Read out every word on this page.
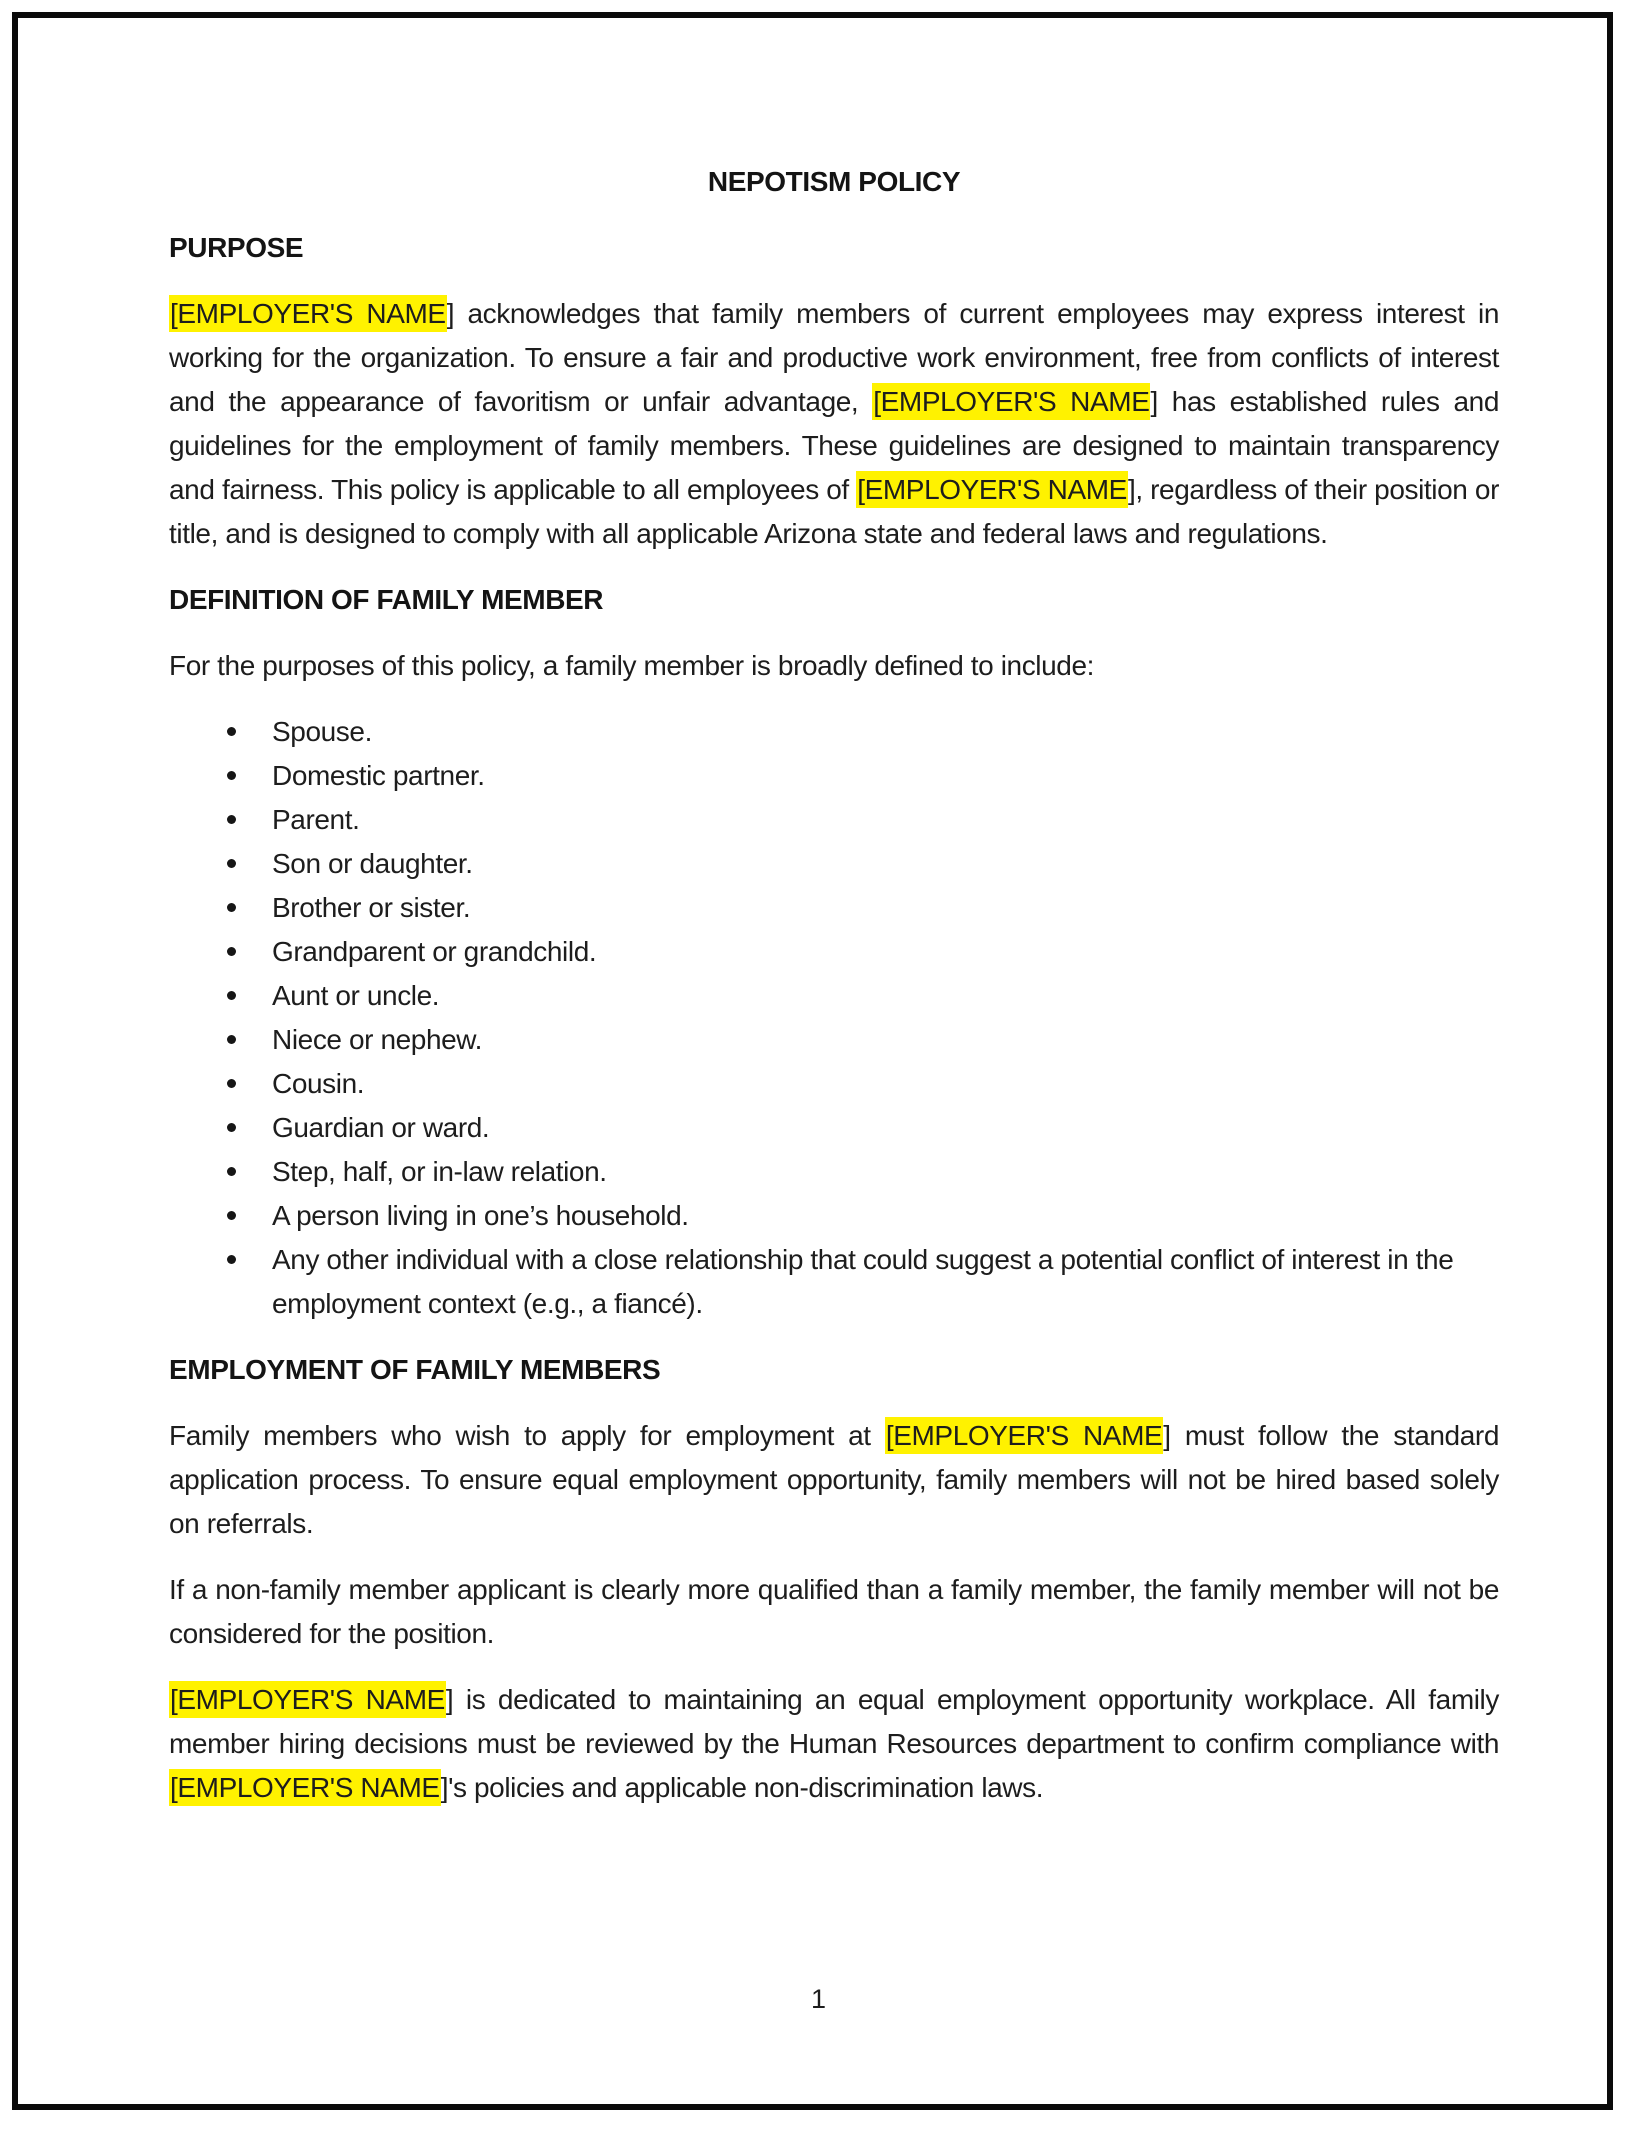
NEPOTISM POLICY
PURPOSE

[EMPLOYER'S NAME] acknowledges that family members of current employees may express interest in working for the organization. To ensure a fair and productive work environment, free from conflicts of interest and the appearance of favoritism or unfair advantage, [EMPLOYER'S NAME] has established rules and guidelines for the employment of family members. These guidelines are designed to maintain transparency and fairness. This policy is applicable to all employees of [EMPLOYER'S NAME], regardless of their position or title, and is designed to comply with all applicable Arizona state and federal laws and regulations.

DEFINITION OF FAMILY MEMBER

For the purposes of this policy, a family member is broadly defined to include:

Spouse.
Domestic partner.
Parent.
Son or daughter.
Brother or sister.
Grandparent or grandchild.
Aunt or uncle.
Niece or nephew.
Cousin.
Guardian or ward.
Step, half, or in-law relation.
A person living in one’s household.
Any other individual with a close relationship that could suggest a potential conflict of interest in the employment context (e.g., a fiancé).
EMPLOYMENT OF FAMILY MEMBERS

Family members who wish to apply for employment at [EMPLOYER'S NAME] must follow the standard application process. To ensure equal employment opportunity, family members will not be hired based solely on referrals.

If a non-family member applicant is clearly more qualified than a family member, the family member will not be considered for the position.

[EMPLOYER'S NAME] is dedicated to maintaining an equal employment opportunity workplace. All family member hiring decisions must be reviewed by the Human Resources department to confirm compliance with [EMPLOYER'S NAME]'s policies and applicable non-discrimination laws.

1
